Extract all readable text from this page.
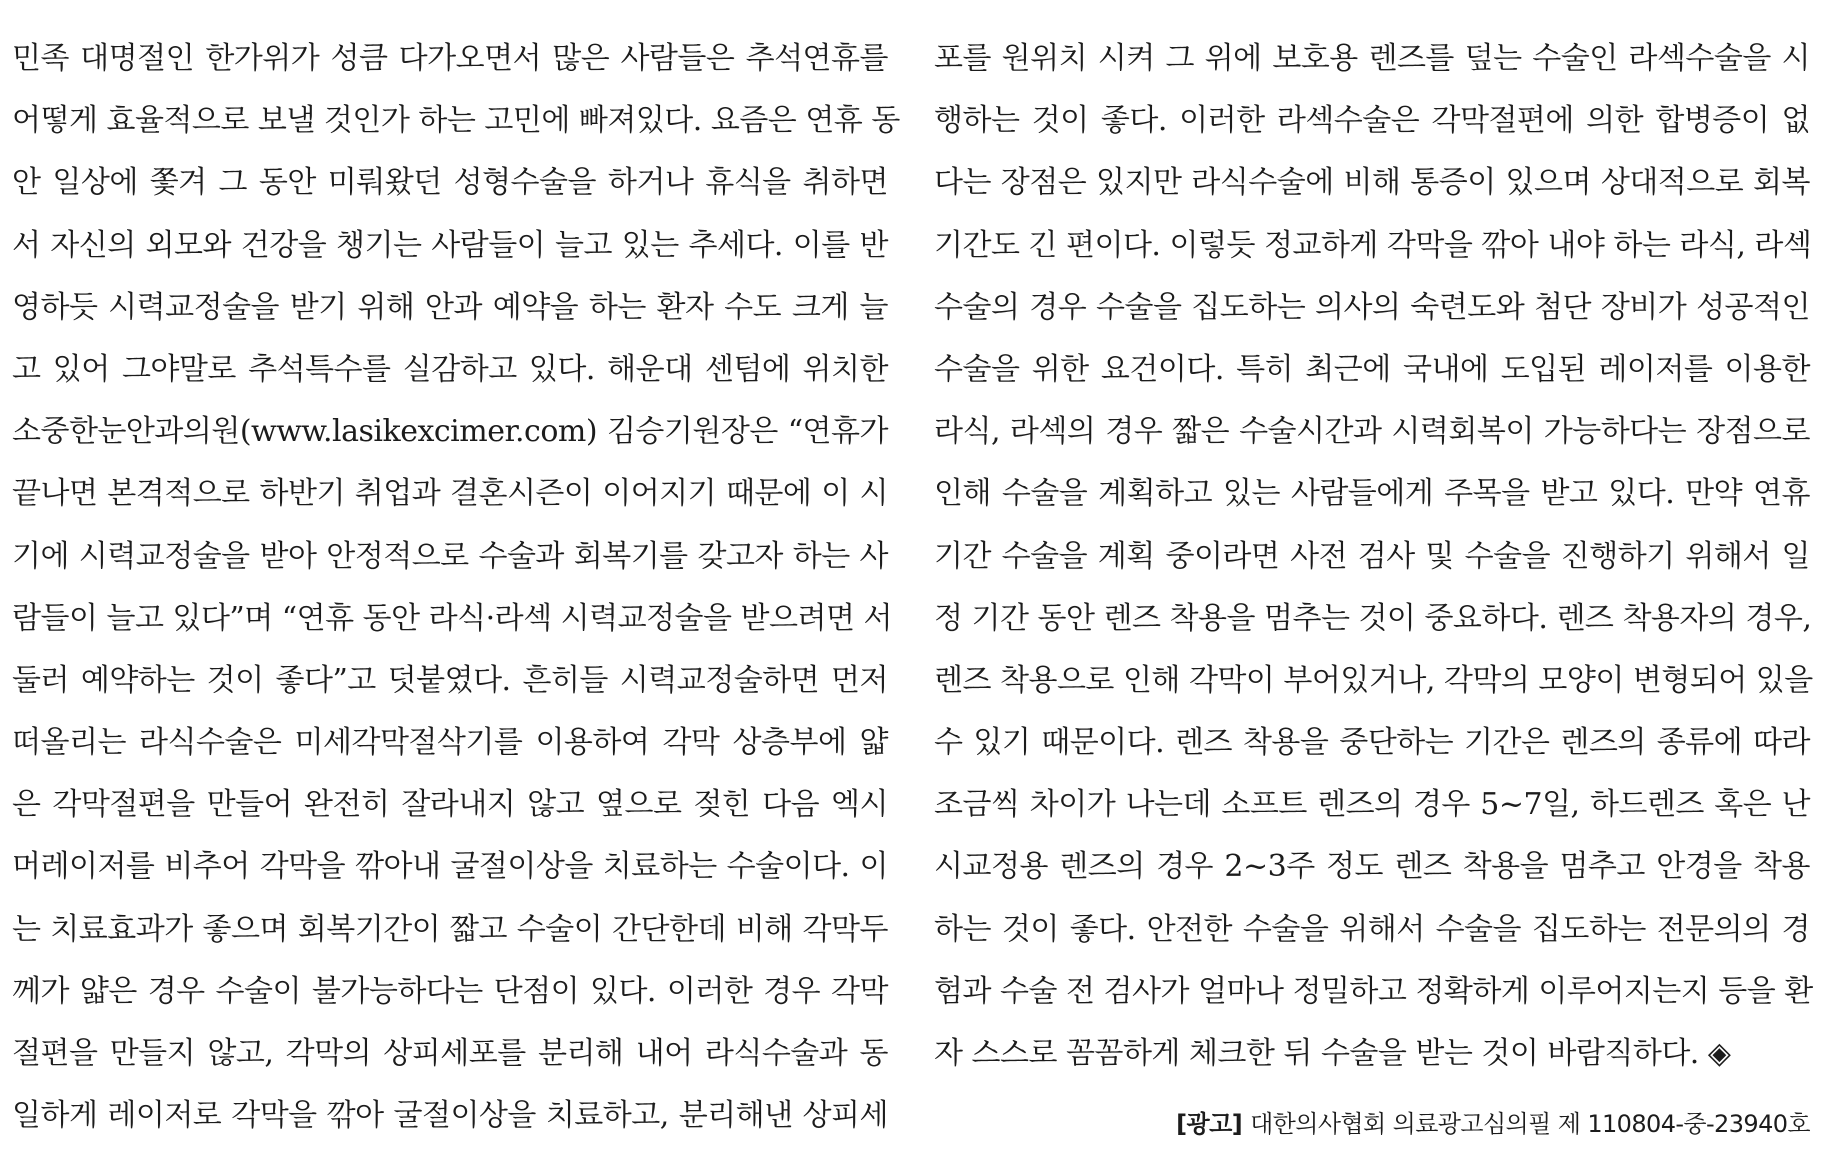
민족 대명절인 한가위가 성큼 다가오면서 많은 사람들은 추석연휴를
어떻게 효율적으로 보낼 것인가 하는 고민에 빠져있다. 요즘은 연휴 동
안 일상에 쫓겨 그 동안 미뤄왔던 성형수술을 하거나 휴식을 취하면
서 자신의 외모와 건강을 챙기는 사람들이 늘고 있는 추세다. 이를 반
영하듯 시력교정술을 받기 위해 안과 예약을 하는 환자 수도 크게 늘
고 있어 그야말로 추석특수를 실감하고 있다. 해운대 센텀에 위치한
소중한눈안과의원(www.lasikexcimer.com) 김승기원장은 “연휴가
끝나면 본격적으로 하반기 취업과 결혼시즌이 이어지기 때문에 이 시
기에 시력교정술을 받아 안정적으로 수술과 회복기를 갖고자 하는 사
람들이 늘고 있다”며 “연휴 동안 라식·라섹 시력교정술을 받으려면 서
둘러 예약하는 것이 좋다”고 덧붙였다. 흔히들 시력교정술하면 먼저
떠올리는 라식수술은 미세각막절삭기를 이용하여 각막 상층부에 얇
은 각막절편을 만들어 완전히 잘라내지 않고 옆으로 젖힌 다음 엑시
머레이저를 비추어 각막을 깎아내 굴절이상을 치료하는 수술이다. 이
는 치료효과가 좋으며 회복기간이 짧고 수술이 간단한데 비해 각막두
께가 얇은 경우 수술이 불가능하다는 단점이 있다. 이러한 경우 각막
절편을 만들지 않고, 각막의 상피세포를 분리해 내어 라식수술과 동
일하게 레이저로 각막을 깎아 굴절이상을 치료하고, 분리해낸 상피세
포를 원위치 시켜 그 위에 보호용 렌즈를 덮는 수술인 라섹수술을 시
행하는 것이 좋다. 이러한 라섹수술은 각막절편에 의한 합병증이 없
다는 장점은 있지만 라식수술에 비해 통증이 있으며 상대적으로 회복
기간도 긴 편이다. 이렇듯 정교하게 각막을 깎아 내야 하는 라식, 라섹
수술의 경우 수술을 집도하는 의사의 숙련도와 첨단 장비가 성공적인
수술을 위한 요건이다. 특히 최근에 국내에 도입된 레이저를 이용한
라식, 라섹의 경우 짧은 수술시간과 시력회복이 가능하다는 장점으로
인해 수술을 계획하고 있는 사람들에게 주목을 받고 있다. 만약 연휴
기간 수술을 계획 중이라면 사전 검사 및 수술을 진행하기 위해서 일
정 기간 동안 렌즈 착용을 멈추는 것이 중요하다. 렌즈 착용자의 경우,
렌즈 착용으로 인해 각막이 부어있거나, 각막의 모양이 변형되어 있을
수 있기 때문이다. 렌즈 착용을 중단하는 기간은 렌즈의 종류에 따라
조금씩 차이가 나는데 소프트 렌즈의 경우 5~7일, 하드렌즈 혹은 난
시교정용 렌즈의 경우 2~3주 정도 렌즈 착용을 멈추고 안경을 착용
하는 것이 좋다. 안전한 수술을 위해서 수술을 집도하는 전문의의 경
험과 수술 전 검사가 얼마나 정밀하고 정확하게 이루어지는지 등을 환
자 스스로 꼼꼼하게 체크한 뒤 수술을 받는 것이 바람직하다. ◈
[광고] 대한의사협회 의료광고심의필 제 110804-중-23940호
